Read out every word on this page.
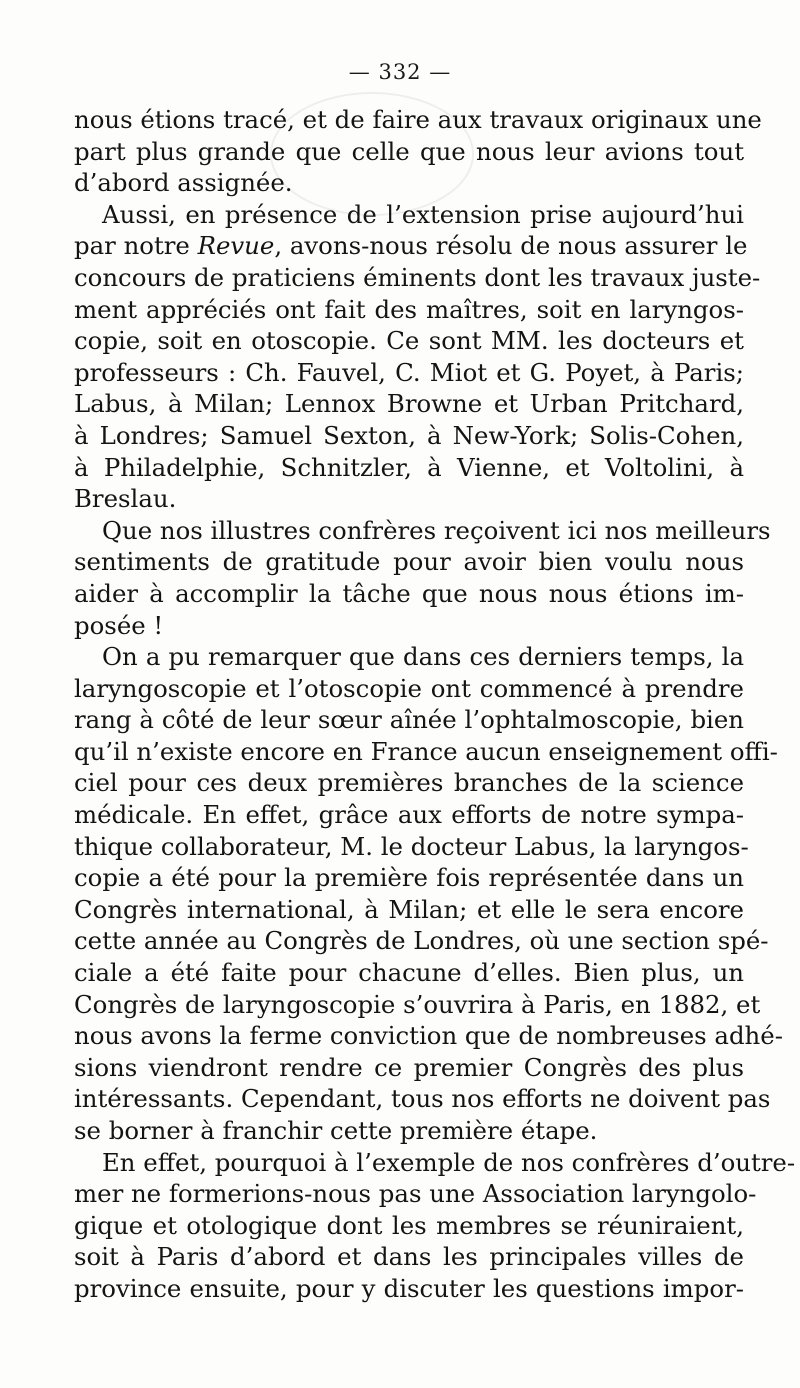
— 332 —
nous étions tracé, et de faire aux travaux originaux une
part plus grande que celle que nous leur avions tout
d’abord assignée.
Aussi, en présence de l’extension prise aujourd’hui
par notre Revue, avons-nous résolu de nous assurer le
concours de praticiens éminents dont les travaux juste-
ment appréciés ont fait des maîtres, soit en laryngos-
copie, soit en otoscopie. Ce sont MM. les docteurs et
professeurs : Ch. Fauvel, C. Miot et G. Poyet, à Paris;
Labus, à Milan; Lennox Browne et Urban Pritchard,
à Londres; Samuel Sexton, à New-York; Solis-Cohen,
à Philadelphie, Schnitzler, à Vienne, et Voltolini, à
Breslau.
Que nos illustres confrères reçoivent ici nos meilleurs
sentiments de gratitude pour avoir bien voulu nous
aider à accomplir la tâche que nous nous étions im-
posée !
On a pu remarquer que dans ces derniers temps, la
laryngoscopie et l’otoscopie ont commencé à prendre
rang à côté de leur sœur aînée l’ophtalmoscopie, bien
qu’il n’existe encore en France aucun enseignement offi-
ciel pour ces deux premières branches de la science
médicale. En effet, grâce aux efforts de notre sympa-
thique collaborateur, M. le docteur Labus, la laryngos-
copie a été pour la première fois représentée dans un
Congrès international, à Milan; et elle le sera encore
cette année au Congrès de Londres, où une section spé-
ciale a été faite pour chacune d’elles. Bien plus, un
Congrès de laryngoscopie s’ouvrira à Paris, en 1882, et
nous avons la ferme conviction que de nombreuses adhé-
sions viendront rendre ce premier Congrès des plus
intéressants. Cependant, tous nos efforts ne doivent pas
se borner à franchir cette première étape.
En effet, pourquoi à l’exemple de nos confrères d’outre-
mer ne formerions-nous pas une Association laryngolo-
gique et otologique dont les membres se réuniraient,
soit à Paris d’abord et dans les principales villes de
province ensuite, pour y discuter les questions impor-
